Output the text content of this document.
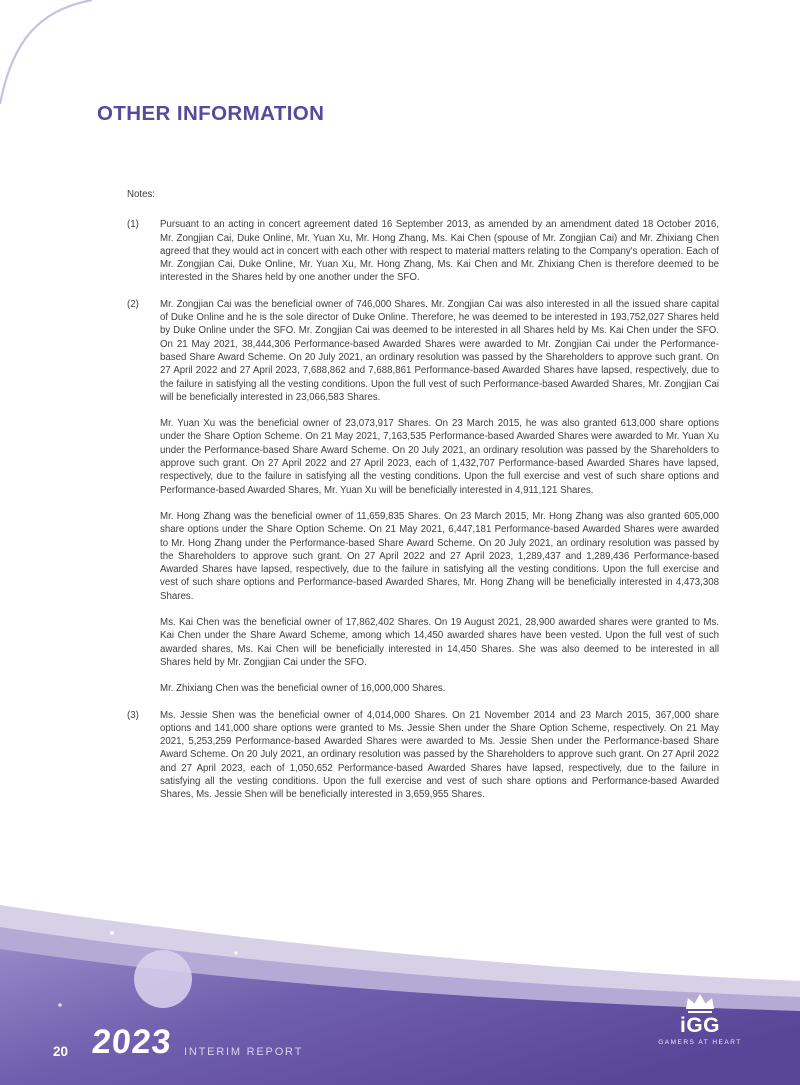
OTHER INFORMATION
Notes:
(1)	Pursuant to an acting in concert agreement dated 16 September 2013, as amended by an amendment dated 18 October 2016, Mr. Zongjian Cai, Duke Online, Mr. Yuan Xu, Mr. Hong Zhang, Ms. Kai Chen (spouse of Mr. Zongjian Cai) and Mr. Zhixiang Chen agreed that they would act in concert with each other with respect to material matters relating to the Company's operation. Each of Mr. Zongjian Cai, Duke Online, Mr. Yuan Xu, Mr. Hong Zhang, Ms. Kai Chen and Mr. Zhixiang Chen is therefore deemed to be interested in the Shares held by one another under the SFO.

(2)	Mr. Zongjian Cai was the beneficial owner of 746,000 Shares. Mr. Zongjian Cai was also interested in all the issued share capital of Duke Online and he is the sole director of Duke Online. Therefore, he was deemed to be interested in 193,752,027 Shares held by Duke Online under the SFO. Mr. Zongjian Cai was deemed to be interested in all Shares held by Ms. Kai Chen under the SFO. On 21 May 2021, 38,444,306 Performance-based Awarded Shares were awarded to Mr. Zongjian Cai under the Performance-based Share Award Scheme. On 20 July 2021, an ordinary resolution was passed by the Shareholders to approve such grant. On 27 April 2022 and 27 April 2023, 7,688,862 and 7,688,861 Performance-based Awarded Shares have lapsed, respectively, due to the failure in satisfying all the vesting conditions. Upon the full vest of such Performance-based Awarded Shares, Mr. Zongjian Cai will be beneficially interested in 23,066,583 Shares.

Mr. Yuan Xu was the beneficial owner of 23,073,917 Shares. On 23 March 2015, he was also granted 613,000 share options under the Share Option Scheme. On 21 May 2021, 7,163,535 Performance-based Awarded Shares were awarded to Mr. Yuan Xu under the Performance-based Share Award Scheme. On 20 July 2021, an ordinary resolution was passed by the Shareholders to approve such grant. On 27 April 2022 and 27 April 2023, each of 1,432,707 Performance-based Awarded Shares have lapsed, respectively, due to the failure in satisfying all the vesting conditions. Upon the full exercise and vest of such share options and Performance-based Awarded Shares, Mr. Yuan Xu will be beneficially interested in 4,911,121 Shares.

Mr. Hong Zhang was the beneficial owner of 11,659,835 Shares. On 23 March 2015, Mr. Hong Zhang was also granted 605,000 share options under the Share Option Scheme. On 21 May 2021, 6,447,181 Performance-based Awarded Shares were awarded to Mr. Hong Zhang under the Performance-based Share Award Scheme. On 20 July 2021, an ordinary resolution was passed by the Shareholders to approve such grant. On 27 April 2022 and 27 April 2023, 1,289,437 and 1,289,436 Performance-based Awarded Shares have lapsed, respectively, due to the failure in satisfying all the vesting conditions. Upon the full exercise and vest of such share options and Performance-based Awarded Shares, Mr. Hong Zhang will be beneficially interested in 4,473,308 Shares.

Ms. Kai Chen was the beneficial owner of 17,862,402 Shares. On 19 August 2021, 28,900 awarded shares were granted to Ms. Kai Chen under the Share Award Scheme, among which 14,450 awarded shares have been vested. Upon the full vest of such awarded shares, Ms. Kai Chen will be beneficially interested in 14,450 Shares. She was also deemed to be interested in all Shares held by Mr. Zongjian Cai under the SFO.

Mr. Zhixiang Chen was the beneficial owner of 16,000,000 Shares.

(3)	Ms. Jessie Shen was the beneficial owner of 4,014,000 Shares. On 21 November 2014 and 23 March 2015, 367,000 share options and 141,000 share options were granted to Ms. Jessie Shen under the Share Option Scheme, respectively. On 21 May 2021, 5,253,259 Performance-based Awarded Shares were awarded to Ms. Jessie Shen under the Performance-based Share Award Scheme. On 20 July 2021, an ordinary resolution was passed by the Shareholders to approve such grant. On 27 April 2022 and 27 April 2023, each of 1,050,652 Performance-based Awarded Shares have lapsed, respectively, due to the failure in satisfying all the vesting conditions. Upon the full exercise and vest of such share options and Performance-based Awarded Shares, Ms. Jessie Shen will be beneficially interested in 3,659,955 Shares.

20 2023 INTERIM REPORT
iGG
GAMERS AT HEART
